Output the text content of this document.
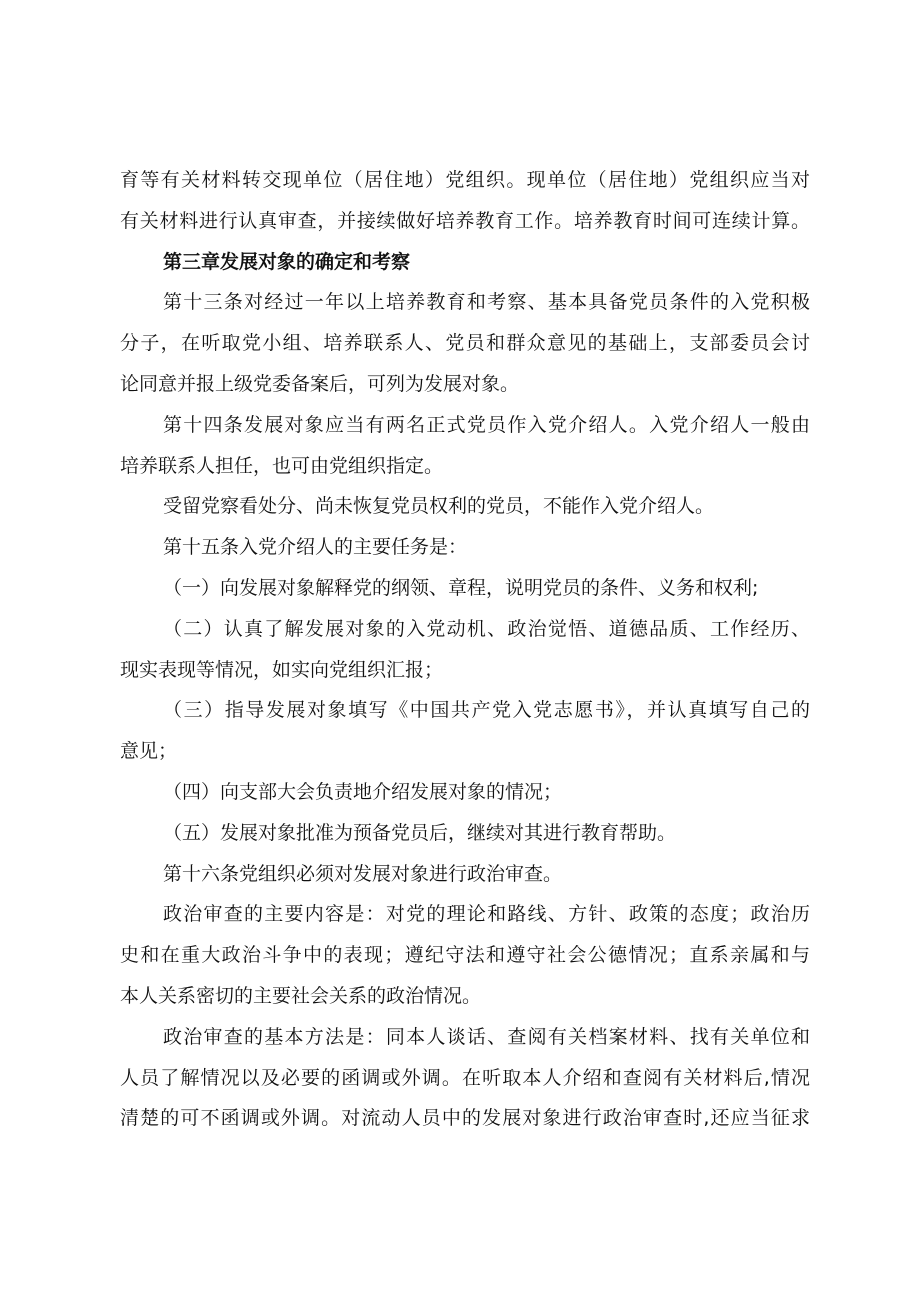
育等有关材料转交现单位（居住地）党组织。现单位（居住地）党组织应当对
有关材料进行认真审查，并接续做好培养教育工作。培养教育时间可连续计算。
第三章发展对象的确定和考察
第十三条对经过一年以上培养教育和考察、基本具备党员条件的入党积极
分子，在听取党小组、培养联系人、党员和群众意见的基础上，支部委员会讨
论同意并报上级党委备案后，可列为发展对象。
第十四条发展对象应当有两名正式党员作入党介绍人。入党介绍人一般由
培养联系人担任，也可由党组织指定。
受留党察看处分、尚未恢复党员权利的党员，不能作入党介绍人。
第十五条入党介绍人的主要任务是：
（一）向发展对象解释党的纲领、章程，说明党员的条件、义务和权利;
（二）认真了解发展对象的入党动机、政治觉悟、道德品质、工作经历、
现实表现等情况，如实向党组织汇报；
（三）指导发展对象填写《中国共产党入党志愿书》，并认真填写自己的
意见；
（四）向支部大会负责地介绍发展对象的情况；
（五）发展对象批准为预备党员后，继续对其进行教育帮助。
第十六条党组织必须对发展对象进行政治审查。
政治审查的主要内容是：对党的理论和路线、方针、政策的态度；政治历
史和在重大政治斗争中的表现；遵纪守法和遵守社会公德情况；直系亲属和与
本人关系密切的主要社会关系的政治情况。
政治审查的基本方法是：同本人谈话、查阅有关档案材料、找有关单位和
人员了解情况以及必要的函调或外调。在听取本人介绍和查阅有关材料后,情况
清楚的可不函调或外调。对流动人员中的发展对象进行政治审查时,还应当征求
